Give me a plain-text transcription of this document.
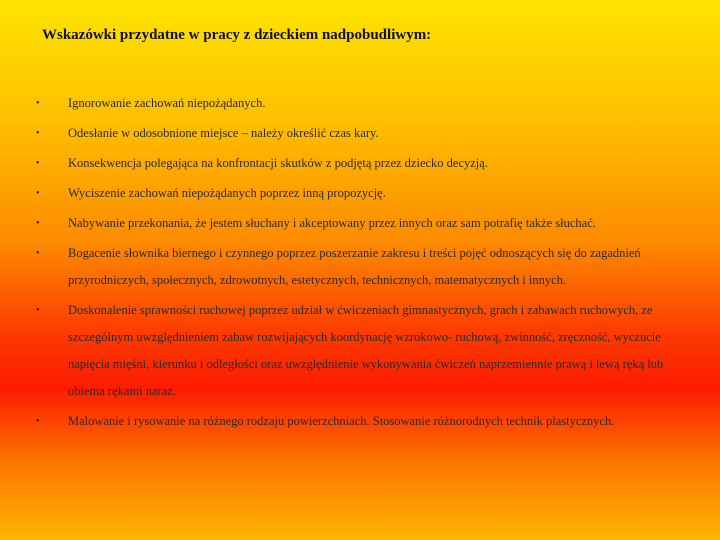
Wskazówki przydatne w pracy z dzieckiem nadpobudliwym:
• Ignorowanie zachowań niepożądanych.
• Odesłanie w odosobnione miejsce – należy określić czas kary.
• Konsekwencja polegająca na konfrontacji skutków z podjętą przez dziecko decyzją.
• Wyciszenie zachowań niepożądanych poprzez inną propozycję.
• Nabywanie przekonania, że jestem słuchany i akceptowany przez innych oraz sam potrafię także słuchać.
• Bogacenie słownika biernego i czynnego poprzez poszerzanie zakresu i treści pojęć odnoszących się do zagadnień przyrodniczych, społecznych, zdrowotnych, estetycznych, technicznych, matematycznych i innych.
• Doskonalenie sprawności ruchowej poprzez udział w ćwiczeniach gimnastycznych, grach i zabawach ruchowych, ze szczególnym uwzględnieniem zabaw rozwijających koordynację wzrokowo- ruchową, zwinność, zręczność, wyczucie napięcia mięśni, kierunku i odległości oraz uwzględnienie wykonywania ćwiczeń naprzemiennie prawą i lewą ręką lub obiema rękami naraz.
• Malowanie i rysowanie na różnego rodzaju powierzchniach. Stosowanie różnorodnych technik plastycznych.
